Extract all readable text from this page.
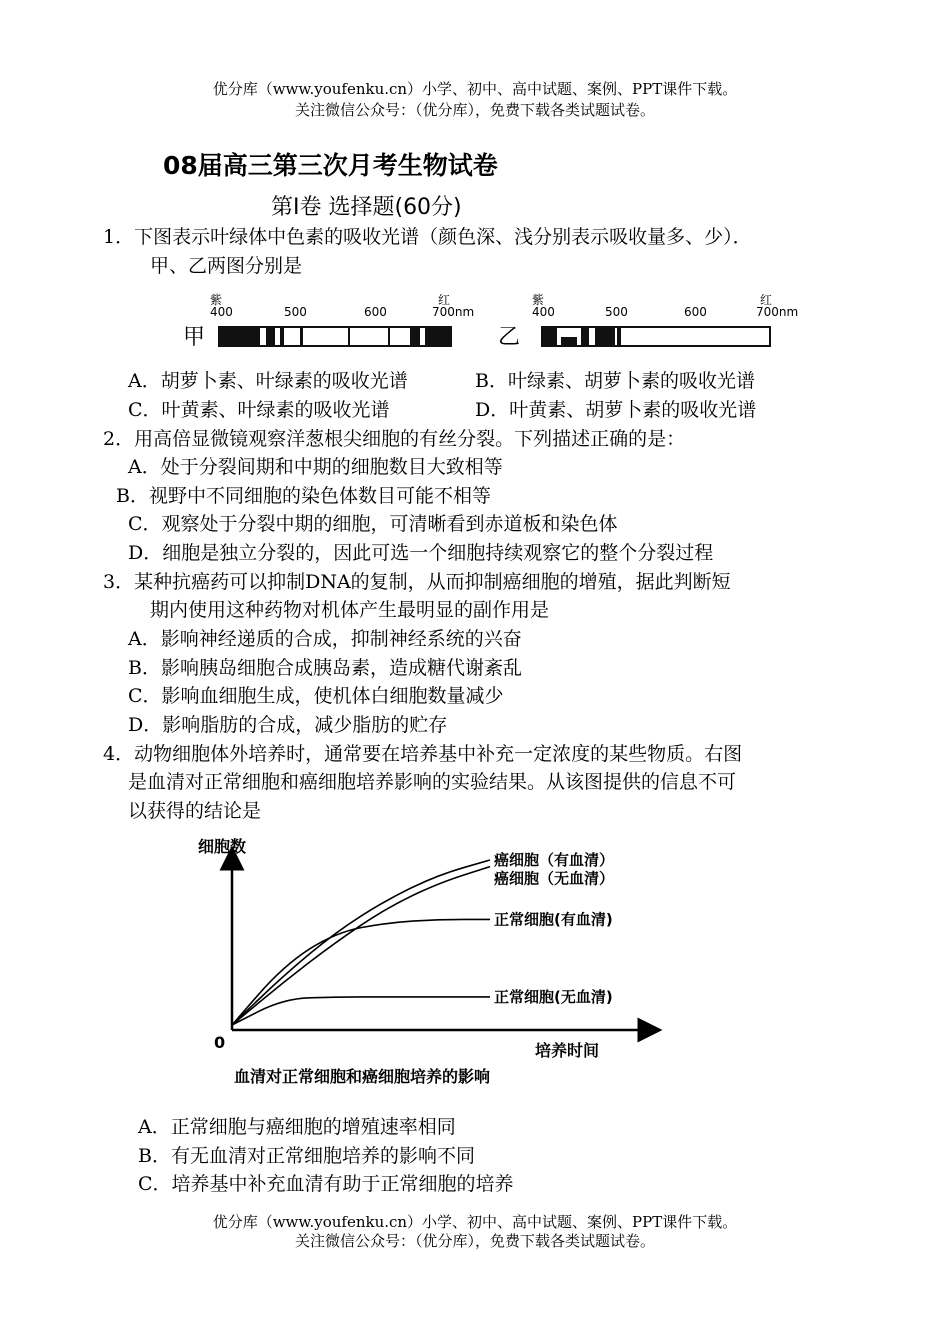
优分库（www.youfenku.cn）小学、初中、高中试题、案例、PPT课件下载。
关注微信公众号：（优分库），免费下载各类试题试卷。
08届高三第三次月考生物试卷
第Ⅰ卷 选择题(60分)
1．下图表示叶绿体中色素的吸收光谱（颜色深、浅分别表示吸收量多、少）．
甲、乙两图分别是
甲
紫
400	500	600
红
700nm
乙
紫
400	500	600
红
700nm
A．胡萝卜素、叶绿素的吸收光谱	B．叶绿素、胡萝卜素的吸收光谱
C．叶黄素、叶绿素的吸收光谱	D．叶黄素、胡萝卜素的吸收光谱
2．用高倍显微镜观察洋葱根尖细胞的有丝分裂。下列描述正确的是：
A．处于分裂间期和中期的细胞数目大致相等
B．视野中不同细胞的染色体数目可能不相等
C．观察处于分裂中期的细胞，可清晰看到赤道板和染色体
D．细胞是独立分裂的，因此可选一个细胞持续观察它的整个分裂过程
3．某种抗癌药可以抑制DNA的复制，从而抑制癌细胞的增殖，据此判断短
期内使用这种药物对机体产生最明显的副作用是
A．影响神经递质的合成，抑制神经系统的兴奋
B．影响胰岛细胞合成胰岛素，造成糖代谢紊乱
C．影响血细胞生成，使机体白细胞数量减少
D．影响脂肪的合成，减少脂肪的贮存
4．动物细胞体外培养时，通常要在培养基中补充一定浓度的某些物质。右图
是血清对正常细胞和癌细胞培养影响的实验结果。从该图提供的信息不可
以获得的结论是
细胞数
培养时间
0
血清对正常细胞和癌细胞培养的影响
癌细胞（有血清）
癌细胞（无血清）
正常细胞(有血清)
正常细胞(无血清)
A．正常细胞与癌细胞的增殖速率相同
B．有无血清对正常细胞培养的影响不同
C．培养基中补充血清有助于正常细胞的培养
优分库（www.youfenku.cn）小学、初中、高中试题、案例、PPT课件下载。
关注微信公众号：（优分库），免费下载各类试题试卷。
